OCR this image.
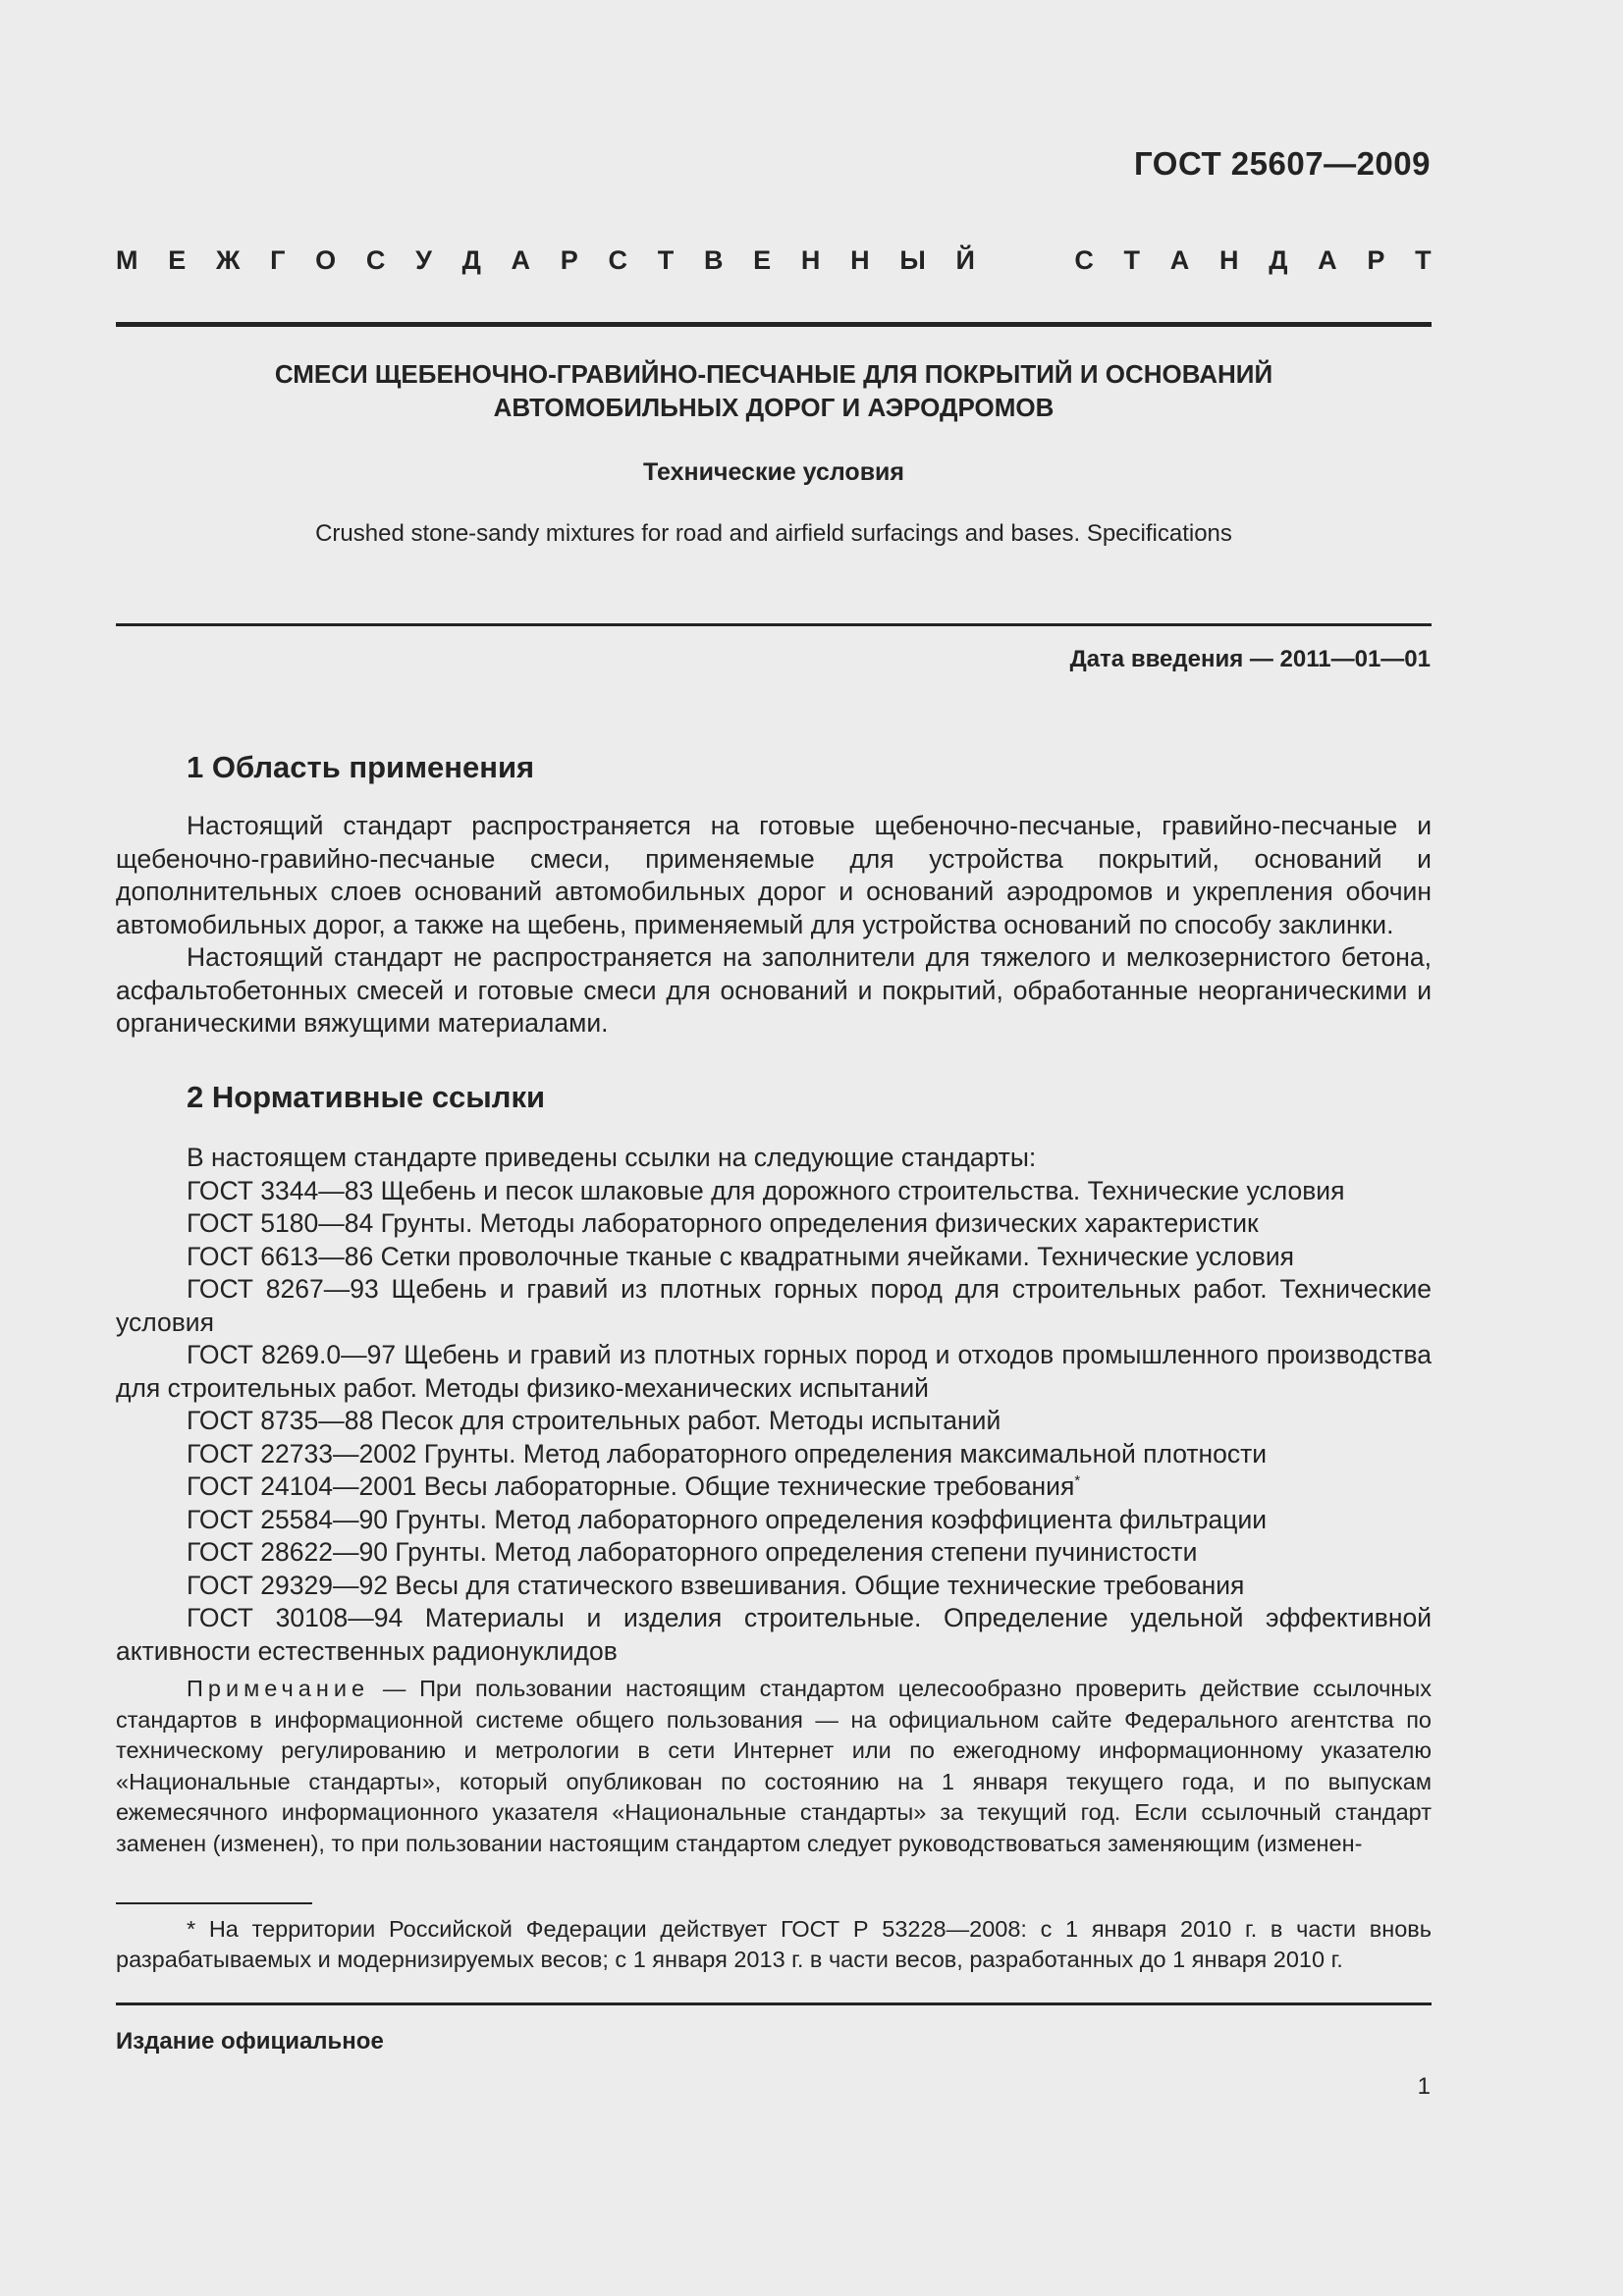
ГОСТ 25607—2009
М Е Ж Г О С У Д А Р С Т В Е Н Н Ы Й	С Т А Н Д А Р Т
СМЕСИ ЩЕБЕНОЧНО-ГРАВИЙНО-ПЕСЧАНЫЕ ДЛЯ ПОКРЫТИЙ И ОСНОВАНИЙ
АВТОМОБИЛЬНЫХ ДОРОГ И АЭРОДРОМОВ
Технические условия
Crushed stone-sandy mixtures for road and airfield surfacings and bases. Specifications
Дата введения — 2011—01—01
1 Область применения

Настоящий стандарт распространяется на готовые щебеночно-песчаные, гравийно-песчаные и щебеночно-гравийно-песчаные смеси, применяемые для устройства покрытий, оснований и дополнительных слоев оснований автомобильных дорог и оснований аэродромов и укрепления обочин автомобильных дорог, а также на щебень, применяемый для устройства оснований по способу заклинки.

Настоящий стандарт не распространяется на заполнители для тяжелого и мелкозернистого бетона, асфальтобетонных смесей и готовые смеси для оснований и покрытий, обработанные неорганическими и органическими вяжущими материалами.

2 Нормативные ссылки

В настоящем стандарте приведены ссылки на следующие стандарты:

ГОСТ 3344—83 Щебень и песок шлаковые для дорожного строительства. Технические условия

ГОСТ 5180—84 Грунты. Методы лабораторного определения физических характеристик

ГОСТ 6613—86 Сетки проволочные тканые с квадратными ячейками. Технические условия

ГОСТ 8267—93 Щебень и гравий из плотных горных пород для строительных работ. Технические условия

ГОСТ 8269.0—97 Щебень и гравий из плотных горных пород и отходов промышленного производства для строительных работ. Методы физико-механических испытаний

ГОСТ 8735—88 Песок для строительных работ. Методы испытаний

ГОСТ 22733—2002 Грунты. Метод лабораторного определения максимальной плотности

ГОСТ 24104—2001 Весы лабораторные. Общие технические требования*

ГОСТ 25584—90 Грунты. Метод лабораторного определения коэффициента фильтрации

ГОСТ 28622—90 Грунты. Метод лабораторного определения степени пучинистости

ГОСТ 29329—92 Весы для статического взвешивания. Общие технические требования

ГОСТ 30108—94 Материалы и изделия строительные. Определение удельной эффективной активности естественных радионуклидов

Примечание — При пользовании настоящим стандартом целесообразно проверить действие ссылочных стандартов в информационной системе общего пользования — на официальном сайте Федерального агентства по техническому регулированию и метрологии в сети Интернет или по ежегодному информационному указателю «Национальные стандарты», который опубликован по состоянию на 1 января текущего года, и по выпускам ежемесячного информационного указателя «Национальные стандарты» за текущий год. Если ссылочный стандарт заменен (изменен), то при пользовании настоящим стандартом следует руководствоваться заменяющим (изменен-

* На территории Российской Федерации действует ГОСТ Р 53228—2008: с 1 января 2010 г. в части вновь разрабатываемых и модернизируемых весов; с 1 января 2013 г. в части весов, разработанных до 1 января 2010 г.

Издание официальное
1
